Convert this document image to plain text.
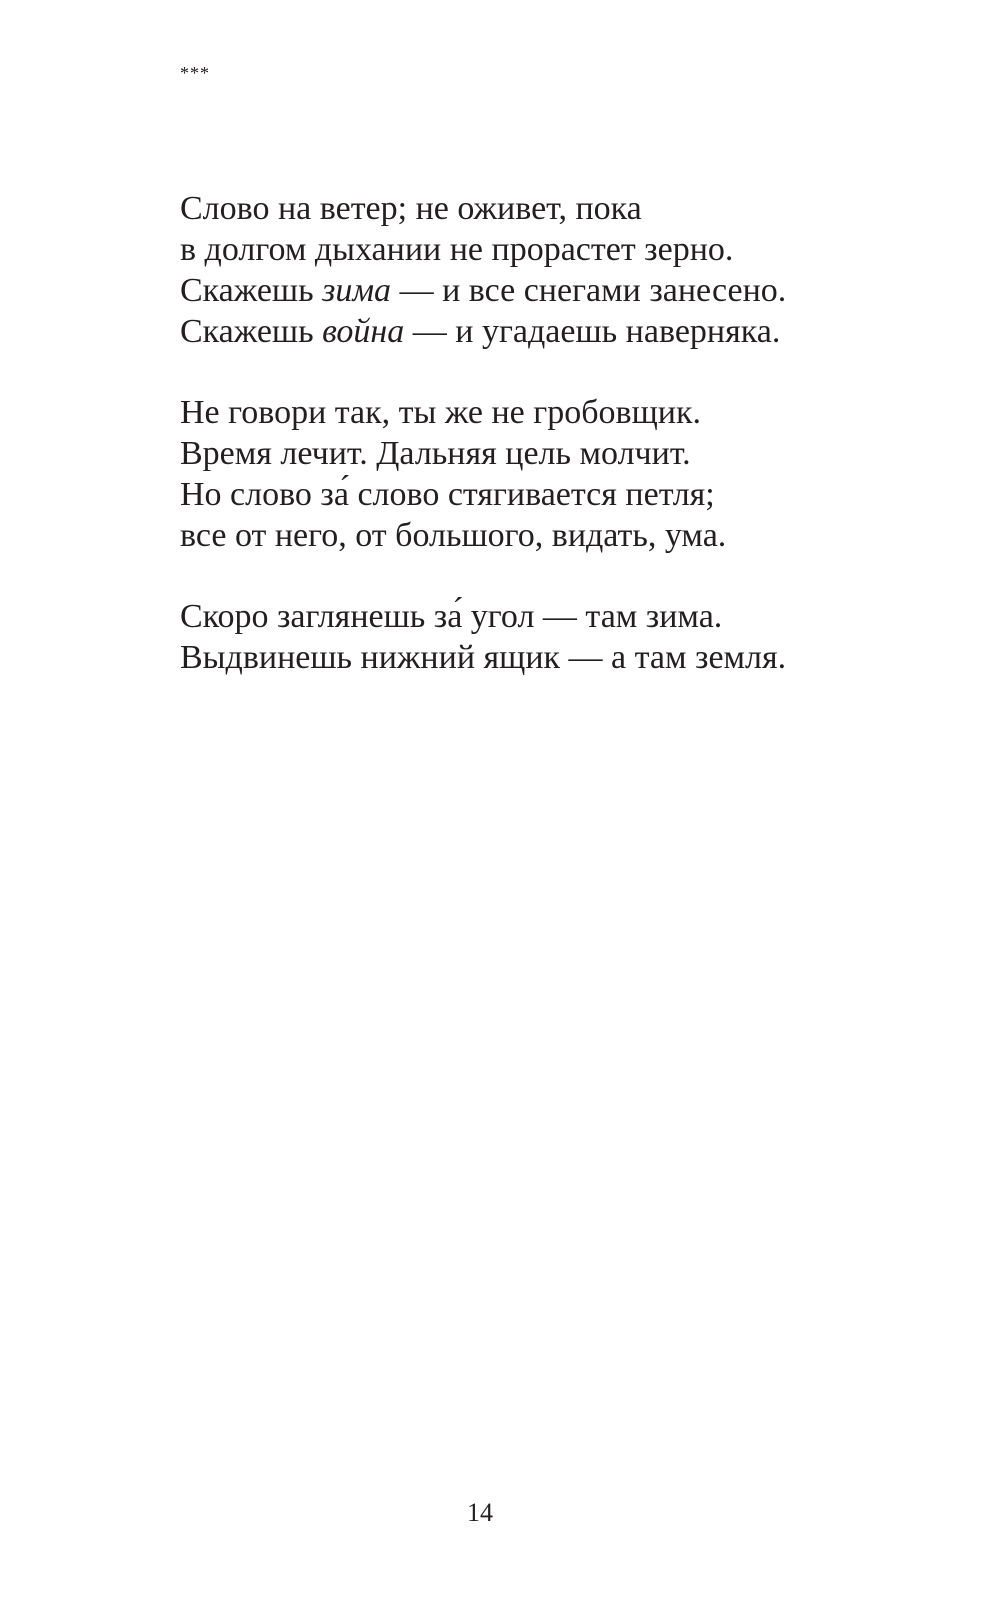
***
Слово на ветер; не оживет, пока
в долгом дыхании не прорастет зерно.
Скажешь зима — и все снегами занесено.
Скажешь война — и угадаешь наверняка.
Не говори так, ты же не гробовщик.
Время лечит. Дальняя цель молчит.
Но слово за́ слово стягивается петля;
все от него, от большого, видать, ума.
Скоро заглянешь за́ угол — там зима.
Выдвинешь нижний ящик — а там земля.
14
